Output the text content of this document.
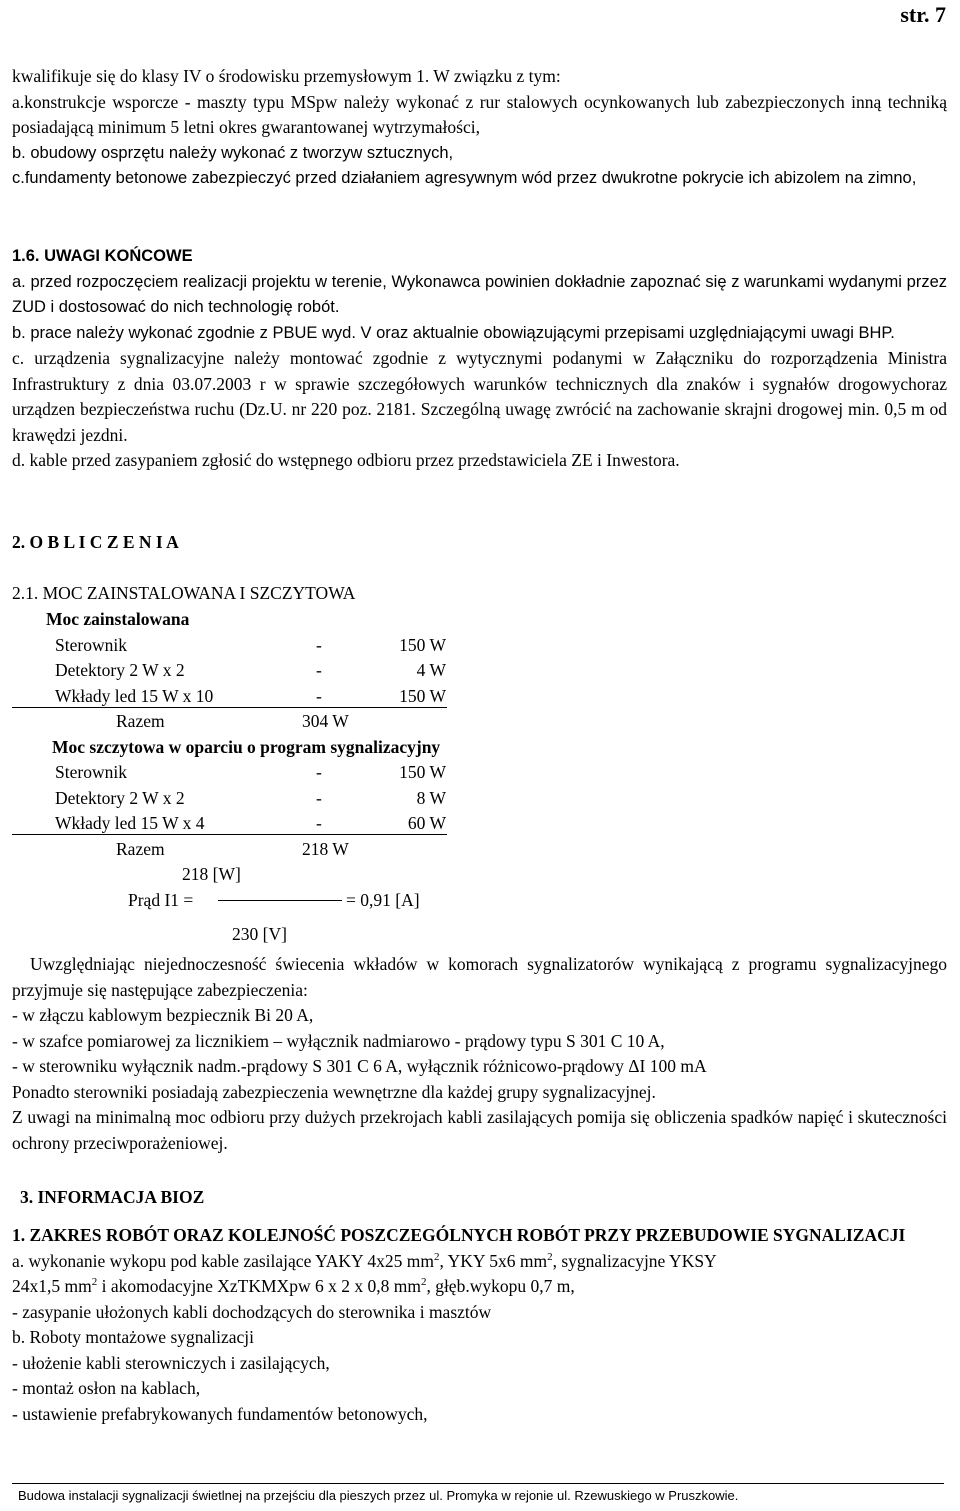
str. 7
kwalifikuje się do klasy IV o środowisku przemysłowym 1. W związku z tym:
a.konstrukcje wsporcze - maszty typu MSpw należy wykonać z rur stalowych ocynkowanych lub zabezpieczonych inną techniką posiadającą minimum 5 letni okres gwarantowanej wytrzymałości,
b. obudowy osprzętu należy wykonać z tworzyw sztucznych,
c.fundamenty betonowe zabezpieczyć przed działaniem agresywnym wód przez dwukrotne pokrycie ich abizolem na zimno,
1.6. UWAGI KOŃCOWE
a. przed rozpoczęciem realizacji projektu w terenie, Wykonawca powinien dokładnie zapoznać się z warunkami wydanymi przez ZUD i dostosować do nich technologię robót.
b. prace należy wykonać zgodnie z PBUE wyd. V oraz aktualnie obowiązującymi przepisami uzględniającymi uwagi BHP.
c. urządzenia sygnalizacyjne należy montować zgodnie z wytycznymi podanymi w Załączniku do rozporządzenia Ministra Infrastruktury z dnia 03.07.2003 r w sprawie szczegółowych warunków technicznych dla znaków i sygnałów drogowychoraz urządzen bezpieczeństwa ruchu (Dz.U. nr 220 poz. 2181. Szczególną uwagę zwrócić na zachowanie skrajni drogowej min. 0,5 m od krawędzi jezdni.
d. kable przed zasypaniem zgłosić do wstępnego odbioru przez przedstawiciela ZE i Inwestora.
2. O B L I C Z E N I A
2.1. MOC ZAINSTALOWANA I SZCZYTOWA
Moc zainstalowana
Sterownik	-	150 W
Detektory 2 W x 2	-	4 W
Wkłady led 15 W x 10	-	150 W
Razem	304 W
Moc szczytowa w oparciu o program sygnalizacyjny
Sterownik	-	150 W
Detektory 2 W x 2	-	8 W
Wkłady led 15 W x 4	-	60 W
Razem	218 W
218 [W]
Prąd I1 =	= 0,91 [A]
230 [V]
Uwzględniając niejednoczesność świecenia wkładów w komorach sygnalizatorów wynikającą z programu sygnalizacyjnego przyjmuje się następujące zabezpieczenia:
- w złączu kablowym bezpiecznik Bi 20 A,
- w szafce pomiarowej za licznikiem – wyłącznik nadmiarowo - prądowy typu S 301 C 10 A,
- w sterowniku wyłącznik nadm.-prądowy S 301 C 6 A, wyłącznik różnicowo-prądowy ΔI 100 mA
Ponadto sterowniki posiadają zabezpieczenia wewnętrzne dla każdej grupy sygnalizacyjnej.
Z uwagi na minimalną moc odbioru przy dużych przekrojach kabli zasilających pomija się obliczenia spadków napięć i skuteczności ochrony przeciwporażeniowej.
3. INFORMACJA BIOZ
1. ZAKRES ROBÓT ORAZ KOLEJNOŚĆ POSZCZEGÓLNYCH ROBÓT PRZY PRZEBUDOWIE SYGNALIZACJI
a. wykonanie wykopu pod kable zasilające YAKY 4x25 $mm^2$, YKY 5x6 $mm^2$, sygnalizacyjne YKSY
24x1,5 $mm^2$ i akomodacyjne XzTKMXpw 6 x 2 x 0,8 $mm^2$, głęb.wykopu 0,7 m,
- zasypanie ułożonych kabli dochodzących do sterownika i masztów
b. Roboty montażowe sygnalizacji
- ułożenie kabli sterowniczych i zasilających,
- montaż osłon na kablach,
- ustawienie prefabrykowanych fundamentów betonowych,
Budowa instalacji sygnalizacji świetlnej na przejściu dla pieszych przez ul. Promyka w rejonie ul. Rzewuskiego w Pruszkowie.
